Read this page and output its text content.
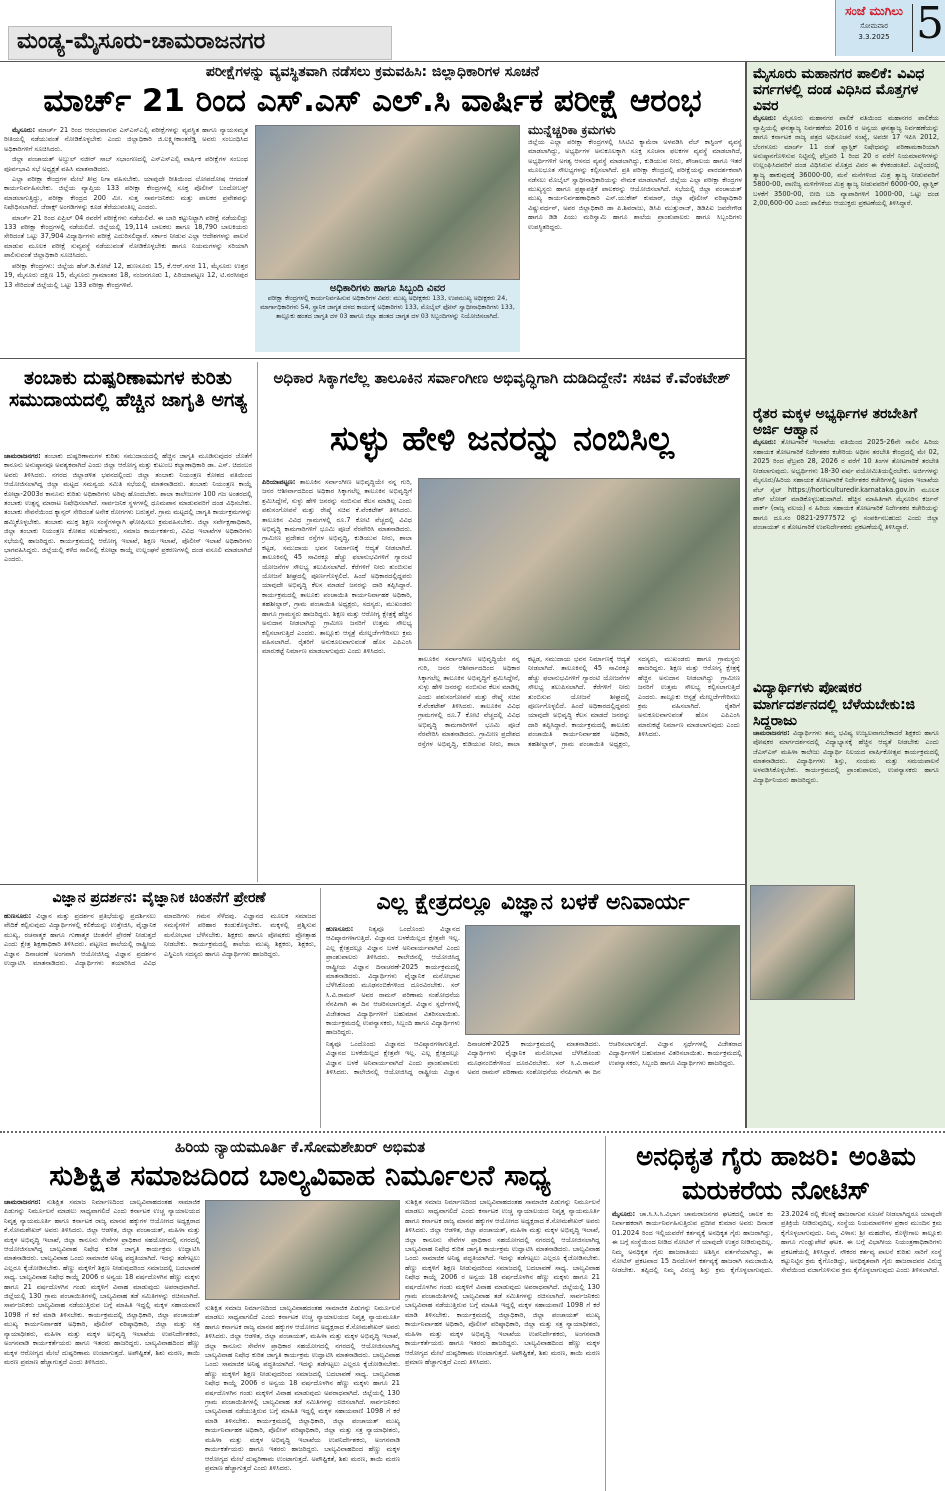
ಮಂಡ್ಯ-ಮೈಸೂರು-ಚಾಮರಾಜನಗರ
ಸಂಜೆ ಮುಗಿಲು
ಸೋಮವಾರ
3.3.2025 5
ಪರೀಕ್ಷೆಗಳನ್ನು ವ್ಯವಸ್ಥಿತವಾಗಿ ನಡೆಸಲು ಕ್ರಮವಹಿಸಿ: ಜಿಲ್ಲಾಧಿಕಾರಿಗಳ ಸೂಚನೆ
ಮಾರ್ಚ್ 21 ರಿಂದ ಎಸ್.ಎಸ್ ಎಲ್.ಸಿ ವಾರ್ಷಿಕ ಪರೀಕ್ಷೆ ಆರಂಭ

ಮೈಸೂರು: ಮಾರ್ಚ್ 21 ರಿಂದ ಆರಂಭವಾಗುವ ಎಸ್ಎಸ್ಎಲ್ಸಿ ಪರೀಕ್ಷೆಗಳನ್ನು ವ್ಯವಸ್ಥಿತ ಹಾಗೂ ನ್ಯಾಯಸಮ್ಮತ ರೀತಿಯಲ್ಲಿ ನಡೆಯುವಂತೆ ನೋಡಿಕೊಳ್ಳಬೇಕು ಎಂದು ಜಿಲ್ಲಾಧಿಕಾರಿ ಜಿ.ಲಕ್ಷ್ಮೀಕಾಂತರೆಡ್ಡಿ ಅವರು ಸಂಬಂಧಿಸಿದ ಅಧಿಕಾರಿಗಳಿಗೆ ಸೂಚಿಸಿದರು.

ಜಿಲ್ಲಾ ಪಂಚಾಯತ್ ಅಬ್ದುಲ್ ನಜೀರ್ ಸಾಬ್ ಸಭಾಂಗಣದಲ್ಲಿ ಎಸ್ಎಸ್ಎಲ್ಸಿ ವಾರ್ಷಿಕ ಪರೀಕ್ಷೆಗಳ ಸಂಬಂಧ ಪೂರ್ವಭಾವಿ ಸಭೆ ಅಧ್ಯಕ್ಷತೆ ವಹಿಸಿ ಮಾತನಾಡಿದರು.

ಎಲ್ಲಾ ಪರೀಕ್ಷಾ ಕೇಂದ್ರಗಳ ಮೇಲೆ ತೀವ್ರ ನಿಗಾ ವಹಿಸಬೇಕು. ಯಾವುದೇ ರೀತಿಯಿಂದ ಲೋಪದೋಷ ಆಗದಂತೆ ಕಾರ್ಯನಿರ್ವಹಿಸಬೇಕು. ಜಿಲ್ಲೆಯ ವ್ಯಾಪ್ತಿಯ 133 ಪರೀಕ್ಷಾ ಕೇಂದ್ರಗಳಲ್ಲಿ ಸೂಕ್ತ ಪೊಲೀಸ್ ಬಂದೋಬಸ್ತ್ ಮಾಡಲಾಗುತ್ತಿದ್ದು, ಪರೀಕ್ಷಾ ಕೇಂದ್ರದ 200 ಮೀ. ಸುತ್ತ ಸಾರ್ವಜನಿಕರು ಮತ್ತು ಪಾಲಕರ ಪ್ರವೇಶವನ್ನು ನಿಷೇಧಿಸಲಾಗಿದೆ. ಜೆರಾಕ್ಸ್ ಅಂಗಡಿಗಳನ್ನು ಕೂಡ ತೆರೆಯುವಂತಿಲ್ಲ ಎಂದರು.

ಮಾರ್ಚ್ 21 ರಿಂದ ಏಪ್ರಿಲ್ 04 ರವರೆಗೆ ಪರೀಕ್ಷೆಗಳು ನಡೆಯಲಿವೆ. ಈ ಬಾರಿ ಕಟ್ಟುನಿಟ್ಟಾಗಿ ಪರೀಕ್ಷೆ ನಡೆಯಲಿದ್ದು 133 ಪರೀಕ್ಷಾ ಕೇಂದ್ರಗಳಲ್ಲಿ ನಡೆಯಲಿದೆ. ಜಿಲ್ಲೆಯಲ್ಲಿ 19,114 ಬಾಲಕರು ಹಾಗೂ 18,790 ಬಾಲಕಿಯರು ಸೇರಿದಂತೆ ಒಟ್ಟು 37,904 ವಿದ್ಯಾರ್ಥಿಗಳು ಪರೀಕ್ಷೆ ಎದುರಿಸಲಿದ್ದಾರೆ. ಸರ್ಕಾರ ನೀಡುವ ಎಲ್ಲಾ ಆದೇಶಗಳನ್ನು ಪಾಲನೆ ಮಾಡುವ ಮೂಲಕ ಪರೀಕ್ಷೆ ಸುವ್ಯವಸ್ಥೆ ನಡೆಯುವಂತೆ ನೋಡಿಕೊಳ್ಳಬೇಕು ಹಾಗೂ ನಿಯಮಗಳನ್ನು ಸರಿಯಾಗಿ ಪಾಲಿಸುವಂತೆ ಜಿಲ್ಲಾಧಿಕಾರಿ ಸೂಚಿಸಿದರು.

ಪರೀಕ್ಷಾ ಕೇಂದ್ರಗಳು: ಜಿಲ್ಲೆಯ ಹೆಚ್.ಡಿ.ಕೋಟೆ 12, ಹುಣಸೂರು 15, ಕೆ.ಆರ್.ನಗರ 11, ಮೈಸೂರು ಉತ್ತರ 19, ಮೈಸೂರು ದಕ್ಷಿಣ 15, ಮೈಸೂರು ಗ್ರಾಮಾಂತರ 18, ನಂಜನಗೂಡು 1, ಪಿರಿಯಾಪಟ್ಟಣ 12, ಟಿ.ನರಸೀಪುರ 13 ಸೇರಿದಂತೆ ಜಿಲ್ಲೆಯಲ್ಲಿ ಒಟ್ಟು 133 ಪರೀಕ್ಷಾ ಕೇಂದ್ರಗಳಿವೆ.	ಅಧಿಕಾರಿಗಳು ಹಾಗೂ ಸಿಬ್ಬಂದಿ ವಿವರ
ಪರೀಕ್ಷಾ ಕೇಂದ್ರಗಳಲ್ಲಿ ಕಾರ್ಯನಿರ್ವಹಿಸುವ ಅಧಿಕಾರಿಗಳ ವಿವರ: ಮುಖ್ಯ ಅಧೀಕ್ಷಕರು 133, ಉಪಮುಖ್ಯ ಅಧೀಕ್ಷಕರು 24, ಮಾರ್ಗಾಧಿಕಾರಿಗಳು 54, ಸ್ಥಾನಿಕ ಜಾಗೃತ ದಳದ ಕಾರ್ಯಕ್ಕೆ ಅಧಿಕಾರಿಗಳು 133, ಮೊಬೈಲ್ ಫೋನ್ ಸ್ವಾಧೀನಾಧಿಕಾರಿಗಳು 133, ತಾಲ್ಲೂಕು ಹಂತದ ಜಾಗೃತಿ ದಳ 03 ಹಾಗೂ ಜಿಲ್ಲಾ ಹಂತದ ಜಾಗೃತ ದಳ 03 ಸಿಬ್ಬಂದಿಗಳನ್ನು ನಿಯೋಜಿಸಲಾಗಿದೆ.
ಮುನ್ನೆಚ್ಚರಿಕಾ ಕ್ರಮಗಳು
ಜಿಲ್ಲೆಯ ಎಲ್ಲಾ ಪರೀಕ್ಷಾ ಕೇಂದ್ರಗಳಲ್ಲಿ ಸಿಸಿಟಿವಿ ಕ್ಯಾಮೆರಾ ಅಳವಡಿಸಿ ವೆಬ್ ಕಾಸ್ಟಿಂಗ್ ವ್ಯವಸ್ಥೆ ಮಾಡಲಾಗಿದ್ದು, ಅಭ್ಯರ್ಥಿಗಳ ಅನುಕೂಲಕ್ಕಾಗಿ ಸೂಕ್ತ ಸೂಚನಾ ಫಲಕಗಳ ವ್ಯವಸ್ಥೆ ಮಾಡಲಾಗಿದೆ, ಅಭ್ಯರ್ಥಿಗಳಿಗೆ ಅಗತ್ಯ ಆಸನದ ವ್ಯವಸ್ಥೆ ಮಾಡಲಾಗಿದ್ದು, ಕುಡಿಯುವ ನೀರು, ಶೌಚಾಲಯ ಹಾಗೂ ಇತರೆ ಮೂಲಭೂತ ಸೌಲಭ್ಯಗಳನ್ನು ಕಲ್ಪಿಸಲಾಗಿದೆ. ಪ್ರತಿ ಪರೀಕ್ಷಾ ಕೇಂದ್ರದಲ್ಲಿ ಪರೀಕ್ಷೆಯನ್ನು ಪಾರದರ್ಶಕವಾಗಿ ನಡೆಸಲು ಮೊಬೈಲ್ ಸ್ವಾಧೀನಾಧಿಕಾರಿಯನ್ನು ನೇಮಕ ಮಾಡಲಾಗಿದೆ. ಜಿಲ್ಲೆಯ ಎಲ್ಲಾ ಪರೀಕ್ಷಾ ಕೇಂದ್ರಗಳ ಮುಖ್ಯಸ್ಥರು ಹಾಗೂ ಪ್ರಶ್ನಾಪತ್ರಿಕೆ ಪಾಲಕರನ್ನು ಆಯೋಜಿಸಲಾಗಿದೆ. ಸಭೆಯಲ್ಲಿ ಜಿಲ್ಲಾ ಪಂಚಾಯತ್ ಮುಖ್ಯ ಕಾರ್ಯನಿರ್ವಹಣಾಧಿಕಾರಿ ಎಸ್.ಯುಕೇಶ್ ಕುಮಾರ್, ಜಿಲ್ಲಾ ಪೊಲೀಸ್ ವರಿಷ್ಠಾಧಿಕಾರಿ ವಿಷ್ಣುವರ್ಧನ್, ಅಪರ ಜಿಲ್ಲಾಧಿಕಾರಿ ಡಾ ಪಿ.ಶಿವರಾಜು, ಡಿಸಿಪಿ ಮುತ್ತುರಾಜ್, ಡಿಡಿಪಿಐ ಜವರೇಗೌಡ ಹಾಗೂ ಡಿಡಿ ಪಿಯು ಮರಿಸ್ವಾಮಿ ಹಾಗೂ ಶಾಲೆಯ ಪ್ರಾಂಶುಪಾಲರು ಹಾಗೂ ಸಿಬ್ಬಂದಿಗಳು ಉಪಸ್ಥಿತರಿದ್ದರು.
ಮೈಸೂರು ಮಹಾನಗರ ಪಾಲಿಕೆ: ವಿವಿಧ ವರ್ಗಗಳಲ್ಲಿ ದಂಡ ವಿಧಿಸಿದ ಮೊತ್ತಗಳ ವಿವರ
ಮೈಸೂರು: ಮೈಸೂರು ಮಹಾನಗರ ಪಾಲಿಕೆ ವತಿಯಿಂದ ಮಹಾನಗರ ಪಾಲಿಕೆಯ ವ್ಯಾಪ್ತಿಯಲ್ಲಿ ಘನತ್ಯಾಜ್ಯ ನಿರ್ವಹಣೆಯ 2016 ರ ಅನ್ವಯ ಘನತ್ಯಾಜ್ಯ ನಿರ್ವಹಣೆಯನ್ನು ಹಾಗೂ ಕರ್ನಾಟಕ ರಾಜ್ಯ ಪತ್ರದ ಅಧಿಸೂಚನೆ ಸಂಖ್ಯೆ, ಅಪಜೀ 17 ಇಪಿಸಿ 2012, ಬೆಂಗಳೂರು ಮಾರ್ಚ್ 11 ರಂತೆ ಪ್ಲಾಸ್ಟಿಕ್ ನಿಷೇಧವನ್ನು ಪರಿಣಾಮಕಾರಿಯಾಗಿ ಅನುಷ್ಠಾನಗೊಳಿಸುವ ನಿಟ್ಟಿನಲ್ಲಿ ಫೆಬ್ರವರಿ 1 ರಿಂದ 20 ರ ವರೆಗೆ ನಿಯಮಾವಳಿಗಳನ್ನು ಉಲ್ಲಂಘಿಸಿದವರಿಗೆ ದಂಡ ವಿಧಿಸಿರುವ ಮೊತ್ತದ ವಿವರ ಈ ಕೆಳಕಂಡಂತಿದೆ. ಎಲ್ಲೆಂದರಲ್ಲಿ ತ್ಯಾಜ್ಯ ಹಾಕುವುದಕ್ಕೆ 36000-00, ಮನೆ ಮನೆಗಳಿಂದ ಮಿಶ್ರ ತ್ಯಾಜ್ಯ ನೀಡುವವರಿಗೆ 5800-00, ವಾಣಿಜ್ಯ ಮಳಿಗೆಗಳಿಂದ ಮಿಶ್ರ ತ್ಯಾಜ್ಯ ನೀಡುವವರಿಗೆ 6000-00, ಪ್ಲಾಸ್ಟಿಕ್ ಬಳಕೆಗೆ 3500-00, ಬೀದಿ ಬದಿ ವ್ಯಾಪಾರಿಗಳಿಗೆ 1000-00, ಒಟ್ಟು ದಂಡ 2,00,600-00 ಎಂದು ಪಾಲಿಕೆಯ ಆಯುಕ್ತರು ಪ್ರಕಟಣೆಯಲ್ಲಿ ತಿಳಿಸಿದ್ದಾರೆ.
ರೈತರ ಮಕ್ಕಳ ಅಭ್ಯರ್ಥಿಗಳ ತರಬೇತಿಗೆ ಅರ್ಜಿ ಆಹ್ವಾನ
ಮೈಸೂರು: ತೋಟಗಾರಿಕೆ ಇಲಾಖೆಯ ವತಿಯಿಂದ 2025-26ನೇ ಸಾಲಿನ ಹಿರಿಯ ಸಹಾಯಕ ತೋಟಗಾರಿಕೆ ನಿರ್ದೇಶಕರ ಕಚೇರಿಯ ಅಧೀನ ತರಬೇತಿ ಕೇಂದ್ರದಲ್ಲಿ ಮೇ 02, 2025 ರಿಂದ ಫೆಬ್ರವರಿ 28, 2026 ರ ವರೆಗೆ 10 ತಿಂಗಳ ತೋಟಗಾರಿಕೆ ತರಬೇತಿ ನೀಡಲಾಗುವುದು. ಅಭ್ಯರ್ಥಿಗಳು 18-30 ವರ್ಷ ವಯೋಮಿತಿಯಲ್ಲಿರಬೇಕು. ಅರ್ಜಿಗಳನ್ನು ಮೈಸೂರು/ಹಿರಿಯ ಸಹಾಯಕ ತೋಟಗಾರಿಕೆ ನಿರ್ದೇಶಕರ ಕಚೇರಿಗಳಲ್ಲಿ ಅಥವಾ ಇಲಾಖೆಯ ವೆಬ್ ಸೈಟ್ https://horticulturedir.karnataka.gov.in ಮೂಲಕ ಡೌನ್ ಲೋಡ್ ಮಾಡಿಕೊಳ್ಳಬಹುದಾಗಿದೆ. ಹೆಚ್ಚಿನ ಮಾಹಿತಿಗಾಗಿ ಮೈಸೂರಿನ ಕರ್ಜನ್ ಪಾರ್ಕ್ (ರಾಜ್ಯ ವಲಯ) ನ ಹಿರಿಯ ಸಹಾಯಕ ತೋಟಗಾರಿಕೆ ನಿರ್ದೇಶಕರ ಕಚೇರಿಯನ್ನು ಹಾಗೂ ದೂ.ಸಂ 0821-2977572 ನ್ನು ಸಂಪರ್ಕಿಸಬಹುದು ಎಂದು ಜಿಲ್ಲಾ ಪಂಚಾಯತ್ ನ ತೋಟಗಾರಿಕೆ ಉಪನಿರ್ದೇಶಕರು ಪ್ರಕಟಣೆಯಲ್ಲಿ ತಿಳಿಸಿದ್ದಾರೆ.
ವಿದ್ಯಾರ್ಥಿಗಳು ಪೋಷಕರ ಮಾರ್ಗದರ್ಶನದಲ್ಲಿ ಬೆಳೆಯಬೇಕು:ಜಿ ಸಿದ್ದರಾಜು
ಚಾಮರಾಜನಗರ: ವಿದ್ಯಾರ್ಥಿಗಳು ತಮ್ಮ ಭವಿಷ್ಯ ಉಜ್ವಲವಾಗಬೇಕಾದರೆ ಶಿಕ್ಷಕರು ಹಾಗೂ ಪೋಷಕರ ಮಾರ್ಗದರ್ಶನದಲ್ಲಿ ವಿದ್ಯಾಭ್ಯಾಸಕ್ಕೆ ಹೆಚ್ಚಿನ ಆದ್ಯತೆ ನೀಡಬೇಕು ಎಂದು ಜೆಎಸ್ಎಸ್ ಮಹಿಳಾ ಕಾಲೇಜು ವಿದ್ಯಾರ್ಥಿ ನಿಲಯದ ವಾರ್ಷಿಕೋತ್ಸವ ಕಾರ್ಯಕ್ರಮದಲ್ಲಿ ಮಾತನಾಡಿದರು. ವಿದ್ಯಾರ್ಥಿಗಳು ಶಿಸ್ತು, ಸಂಯಮ ಮತ್ತು ಸಮಯಪಾಲನೆ ಅಳವಡಿಸಿಕೊಳ್ಳಬೇಕು. ಕಾರ್ಯಕ್ರಮದಲ್ಲಿ ಪ್ರಾಂಶುಪಾಲರು, ಉಪನ್ಯಾಸಕರು ಹಾಗೂ ವಿದ್ಯಾರ್ಥಿನಿಯರು ಹಾಜರಿದ್ದರು.
ತಂಬಾಕು ದುಷ್ಪರಿಣಾಮಗಳ ಕುರಿತು ಸಮುದಾಯದಲ್ಲಿ ಹೆಚ್ಚಿನ ಜಾಗೃತಿ ಅಗತ್ಯ
ಚಾಮರಾಜನಗರ: ತಂಬಾಕು ದುಷ್ಪರಿಣಾಮಗಳ ಕುರಿತು ಸಮುದಾಯದಲ್ಲಿ ಹೆಚ್ಚಿನ ಜಾಗೃತಿ ಮೂಡಿಸುವುದರ ಜೊತೆಗೆ ಕಾನೂನು ಅನುಷ್ಠಾನವೂ ಅವಶ್ಯಕವಾಗಿದೆ ಎಂದು ಜಿಲ್ಲಾ ಆರೋಗ್ಯ ಮತ್ತು ಕುಟುಂಬ ಕಲ್ಯಾಣಾಧಿಕಾರಿ ಡಾ. ಎಸ್. ಚಿದಂಬರ ಅವರು ತಿಳಿಸಿದರು. ನಗರದ ಜಿಲ್ಲಾಡಳಿತ ಭವನದಲ್ಲಿಂದು ಜಿಲ್ಲಾ ತಂಬಾಕು ನಿಯಂತ್ರಣ ಕೋಶದ ವತಿಯಿಂದ ಆಯೋಜಿಸಲಾಗಿದ್ದ ಜಿಲ್ಲಾ ಮಟ್ಟದ ಸಮನ್ವಯ ಸಮಿತಿ ಸಭೆಯಲ್ಲಿ ಮಾತನಾಡಿದರು. ತಂಬಾಕು ನಿಯಂತ್ರಣ ಕಾಯ್ದೆ ಕೋಟ್ಪಾ-2003ರ ಕಾನೂನು ಕುರಿತು ಅಧಿಕಾರಿಗಳು ಅರಿವು ಹೊಂದಬೇಕು. ಶಾಲಾ ಕಾಲೇಜುಗಳ 100 ಗಜ ಅಂತರದಲ್ಲಿ ತಂಬಾಕು ಉತ್ಪನ್ನ ಮಾರಾಟ ನಿಷೇಧಿಸಲಾಗಿದೆ. ಸಾರ್ವಜನಿಕ ಸ್ಥಳಗಳಲ್ಲಿ ಧೂಮಪಾನ ಮಾಡುವವರಿಗೆ ದಂಡ ವಿಧಿಸಬೇಕು. ತಂಬಾಕು ಸೇವನೆಯಿಂದ ಕ್ಯಾನ್ಸರ್ ಸೇರಿದಂತೆ ಅನೇಕ ರೋಗಗಳು ಬರುತ್ತವೆ. ಗ್ರಾಮ ಮಟ್ಟದಲ್ಲಿ ಜಾಗೃತಿ ಕಾರ್ಯಕ್ರಮಗಳನ್ನು ಹಮ್ಮಿಕೊಳ್ಳಬೇಕು. ತಂಬಾಕು ಮುಕ್ತ ಶಿಕ್ಷಣ ಸಂಸ್ಥೆಗಳನ್ನಾಗಿ ಘೋಷಿಸಲು ಕ್ರಮವಹಿಸಬೇಕು. ಜಿಲ್ಲಾ ಸರ್ವೇಕ್ಷಣಾಧಿಕಾರಿ, ಜಿಲ್ಲಾ ತಂಬಾಕು ನಿಯಂತ್ರಣ ಕೋಶದ ಸಲಹೆಗಾರರು, ಸಮಾಜ ಕಾರ್ಯಕರ್ತರು, ವಿವಿಧ ಇಲಾಖೆಗಳ ಅಧಿಕಾರಿಗಳು ಸಭೆಯಲ್ಲಿ ಹಾಜರಿದ್ದರು. ಕಾರ್ಯಕ್ರಮದಲ್ಲಿ ಆರೋಗ್ಯ ಇಲಾಖೆ, ಶಿಕ್ಷಣ ಇಲಾಖೆ, ಪೊಲೀಸ್ ಇಲಾಖೆ ಅಧಿಕಾರಿಗಳು ಭಾಗವಹಿಸಿದ್ದರು. ಜಿಲ್ಲೆಯಲ್ಲಿ ಕಳೆದ ಸಾಲಿನಲ್ಲಿ ಕೋಟ್ಪಾ ಕಾಯ್ದೆ ಉಲ್ಲಂಘನೆ ಪ್ರಕರಣಗಳಲ್ಲಿ ದಂಡ ವಸೂಲಿ ಮಾಡಲಾಗಿದೆ ಎಂದರು.
ಅಧಿಕಾರ ಸಿಕ್ಕಾಗಲೆಲ್ಲ ತಾಲೂಕಿನ ಸರ್ವಾಂಗೀಣ ಅಭಿವೃದ್ಧಿಗಾಗಿ ದುಡಿದಿದ್ದೇನೆ: ಸಚಿವ ಕೆ.ವೆಂಕಟೇಶ್
ಸುಳ್ಳು ಹೇಳಿ ಜನರನ್ನು ನಂಬಿಸಿಲ್ಲ
ಪಿರಿಯಾಪಟ್ಟಣ: ತಾಲೂಕಿನ ಸರ್ವಾಂಗೀಣ ಅಭಿವೃದ್ಧಿಯೇ ನನ್ನ ಗುರಿ, ಜನರ ಆಶೀರ್ವಾದದಿಂದ ಅಧಿಕಾರ ಸಿಕ್ಕಾಗಲೆಲ್ಲ ತಾಲೂಕಿನ ಅಭಿವೃದ್ಧಿಗೆ ಶ್ರಮಿಸಿದ್ದೇನೆ, ಸುಳ್ಳು ಹೇಳಿ ಜನರನ್ನು ನಂಬಿಸುವ ಕೆಲಸ ಮಾಡಿಲ್ಲ ಎಂದು ಪಶುಸಂಗೋಪನೆ ಮತ್ತು ರೇಷ್ಮೆ ಸಚಿವ ಕೆ.ವೆಂಕಟೇಶ್ ತಿಳಿಸಿದರು. ತಾಲೂಕಿನ ವಿವಿಧ ಗ್ರಾಮಗಳಲ್ಲಿ ರೂ.7 ಕೋಟಿ ವೆಚ್ಚದಲ್ಲಿ ವಿವಿಧ ಅಭಿವೃದ್ಧಿ ಕಾಮಗಾರಿಗಳಿಗೆ ಭೂಮಿ ಪೂಜೆ ನೆರವೇರಿಸಿ ಮಾತನಾಡಿದರು. ಗ್ರಾಮೀಣ ಪ್ರದೇಶದ ರಸ್ತೆಗಳ ಅಭಿವೃದ್ಧಿ, ಕುಡಿಯುವ ನೀರು, ಶಾಲಾ ಕಟ್ಟಡ, ಸಮುದಾಯ ಭವನ ನಿರ್ಮಾಣಕ್ಕೆ ಆದ್ಯತೆ ನೀಡಲಾಗಿದೆ. ತಾಲೂಕಿನಲ್ಲಿ 45 ಸಾವಿರಕ್ಕೂ ಹೆಚ್ಚು ಫಲಾನುಭವಿಗಳಿಗೆ ಗ್ಯಾರಂಟಿ ಯೋಜನೆಗಳ ಸೌಲಭ್ಯ ತಲುಪಿಸಲಾಗಿದೆ. ಕೆರೆಗಳಿಗೆ ನೀರು ತುಂಬಿಸುವ ಯೋಜನೆ ಶೀಘ್ರದಲ್ಲಿ ಪೂರ್ಣಗೊಳ್ಳಲಿದೆ. ಹಿಂದೆ ಅಧಿಕಾರದಲ್ಲಿದ್ದವರು ಯಾವುದೇ ಅಭಿವೃದ್ಧಿ ಕೆಲಸ ಮಾಡದೆ ಜನರನ್ನು ದಾರಿ ತಪ್ಪಿಸಿದ್ದಾರೆ. ಕಾರ್ಯಕ್ರಮದಲ್ಲಿ ತಾಲೂಕು ಪಂಚಾಯಿತಿ ಕಾರ್ಯನಿರ್ವಾಹಕ ಅಧಿಕಾರಿ, ತಹಶೀಲ್ದಾರ್, ಗ್ರಾಮ ಪಂಚಾಯಿತಿ ಅಧ್ಯಕ್ಷರು, ಸದಸ್ಯರು, ಮುಖಂಡರು ಹಾಗೂ ಗ್ರಾಮಸ್ಥರು ಹಾಜರಿದ್ದರು. ಶಿಕ್ಷಣ ಮತ್ತು ಆರೋಗ್ಯ ಕ್ಷೇತ್ರಕ್ಕೆ ಹೆಚ್ಚಿನ ಅನುದಾನ ನೀಡಲಾಗಿದ್ದು ಗ್ರಾಮೀಣ ಜನರಿಗೆ ಉತ್ತಮ ಸೌಲಭ್ಯ ಕಲ್ಪಿಸಲಾಗುತ್ತಿದೆ ಎಂದರು. ತಾಲ್ಲೂಕು ಆಸ್ಪತ್ರೆ ಮೇಲ್ದರ್ಜೆಗೇರಿಸಲು ಕ್ರಮ ವಹಿಸಲಾಗಿದೆ. ರೈತರಿಗೆ ಅನುಕೂಲವಾಗುವಂತೆ ಹೊಸ ಎಪಿಎಂಸಿ ಮಾರುಕಟ್ಟೆ ನಿರ್ಮಾಣ ಮಾಡಲಾಗುವುದು ಎಂದು ತಿಳಿಸಿದರು.
ತಾಲೂಕಿನ ಸರ್ವಾಂಗೀಣ ಅಭಿವೃದ್ಧಿಯೇ ನನ್ನ ಗುರಿ, ಜನರ ಆಶೀರ್ವಾದದಿಂದ ಅಧಿಕಾರ ಸಿಕ್ಕಾಗಲೆಲ್ಲ ತಾಲೂಕಿನ ಅಭಿವೃದ್ಧಿಗೆ ಶ್ರಮಿಸಿದ್ದೇನೆ, ಸುಳ್ಳು ಹೇಳಿ ಜನರನ್ನು ನಂಬಿಸುವ ಕೆಲಸ ಮಾಡಿಲ್ಲ ಎಂದು ಪಶುಸಂಗೋಪನೆ ಮತ್ತು ರೇಷ್ಮೆ ಸಚಿವ ಕೆ.ವೆಂಕಟೇಶ್ ತಿಳಿಸಿದರು. ತಾಲೂಕಿನ ವಿವಿಧ ಗ್ರಾಮಗಳಲ್ಲಿ ರೂ.7 ಕೋಟಿ ವೆಚ್ಚದಲ್ಲಿ ವಿವಿಧ ಅಭಿವೃದ್ಧಿ ಕಾಮಗಾರಿಗಳಿಗೆ ಭೂಮಿ ಪೂಜೆ ನೆರವೇರಿಸಿ ಮಾತನಾಡಿದರು. ಗ್ರಾಮೀಣ ಪ್ರದೇಶದ ರಸ್ತೆಗಳ ಅಭಿವೃದ್ಧಿ, ಕುಡಿಯುವ ನೀರು, ಶಾಲಾ ಕಟ್ಟಡ, ಸಮುದಾಯ ಭವನ ನಿರ್ಮಾಣಕ್ಕೆ ಆದ್ಯತೆ ನೀಡಲಾಗಿದೆ. ತಾಲೂಕಿನಲ್ಲಿ 45 ಸಾವಿರಕ್ಕೂ ಹೆಚ್ಚು ಫಲಾನುಭವಿಗಳಿಗೆ ಗ್ಯಾರಂಟಿ ಯೋಜನೆಗಳ ಸೌಲಭ್ಯ ತಲುಪಿಸಲಾಗಿದೆ. ಕೆರೆಗಳಿಗೆ ನೀರು ತುಂಬಿಸುವ ಯೋಜನೆ ಶೀಘ್ರದಲ್ಲಿ ಪೂರ್ಣಗೊಳ್ಳಲಿದೆ. ಹಿಂದೆ ಅಧಿಕಾರದಲ್ಲಿದ್ದವರು ಯಾವುದೇ ಅಭಿವೃದ್ಧಿ ಕೆಲಸ ಮಾಡದೆ ಜನರನ್ನು ದಾರಿ ತಪ್ಪಿಸಿದ್ದಾರೆ. ಕಾರ್ಯಕ್ರಮದಲ್ಲಿ ತಾಲೂಕು ಪಂಚಾಯಿತಿ ಕಾರ್ಯನಿರ್ವಾಹಕ ಅಧಿಕಾರಿ, ತಹಶೀಲ್ದಾರ್, ಗ್ರಾಮ ಪಂಚಾಯಿತಿ ಅಧ್ಯಕ್ಷರು, ಸದಸ್ಯರು, ಮುಖಂಡರು ಹಾಗೂ ಗ್ರಾಮಸ್ಥರು ಹಾಜರಿದ್ದರು. ಶಿಕ್ಷಣ ಮತ್ತು ಆರೋಗ್ಯ ಕ್ಷೇತ್ರಕ್ಕೆ ಹೆಚ್ಚಿನ ಅನುದಾನ ನೀಡಲಾಗಿದ್ದು ಗ್ರಾಮೀಣ ಜನರಿಗೆ ಉತ್ತಮ ಸೌಲಭ್ಯ ಕಲ್ಪಿಸಲಾಗುತ್ತಿದೆ ಎಂದರು. ತಾಲ್ಲೂಕು ಆಸ್ಪತ್ರೆ ಮೇಲ್ದರ್ಜೆಗೇರಿಸಲು ಕ್ರಮ ವಹಿಸಲಾಗಿದೆ. ರೈತರಿಗೆ ಅನುಕೂಲವಾಗುವಂತೆ ಹೊಸ ಎಪಿಎಂಸಿ ಮಾರುಕಟ್ಟೆ ನಿರ್ಮಾಣ ಮಾಡಲಾಗುವುದು ಎಂದು ತಿಳಿಸಿದರು.
ವಿಜ್ಞಾನ ಪ್ರದರ್ಶನ: ವೈಜ್ಞಾನಿಕ ಚಿಂತನೆಗೆ ಪ್ರೇರಣೆ
ಹುಣಸೂರು: ವಿಜ್ಞಾನ ಮತ್ತು ಪ್ರದರ್ಶನ ಪ್ರತಿಭೆಯನ್ನು ಪ್ರದರ್ಶಿಸಲು ವೇದಿಕೆ ಕಲ್ಪಿಸುವುದು ವಿದ್ಯಾರ್ಥಿಗಳಲ್ಲಿ ಕಲಿಕೆಯನ್ನು ಉತ್ತೇಜಿಸಿ, ವೈಜ್ಞಾನಿಕ ಮುಖ್ಯ, ರಚನಾತ್ಮಕ ಹಾಗೂ ಗುಣಾತ್ಮಕ ಚಿಂತನೆಗೆ ಪ್ರೇರಣೆ ನೀಡುತ್ತದೆ ಎಂದು ಕ್ಷೇತ್ರ ಶಿಕ್ಷಣಾಧಿಕಾರಿ ತಿಳಿಸಿದರು. ಪಟ್ಟಣದ ಶಾಲೆಯಲ್ಲಿ ರಾಷ್ಟ್ರೀಯ ವಿಜ್ಞಾನ ದಿನಾಚರಣೆ ಅಂಗವಾಗಿ ಆಯೋಜಿಸಿದ್ದ ವಿಜ್ಞಾನ ಪ್ರದರ್ಶನ ಉದ್ಘಾಟಿಸಿ ಮಾತನಾಡಿದರು. ವಿದ್ಯಾರ್ಥಿಗಳು ತಯಾರಿಸಿದ ವಿವಿಧ ಮಾದರಿಗಳು ಗಮನ ಸೆಳೆದವು. ವಿಜ್ಞಾನದ ಮೂಲಕ ಸಮಾಜದ ಸಮಸ್ಯೆಗಳಿಗೆ ಪರಿಹಾರ ಕಂಡುಕೊಳ್ಳಬೇಕು. ಮಕ್ಕಳಲ್ಲಿ ಪ್ರಶ್ನಿಸುವ ಮನೋಭಾವ ಬೆಳೆಸಬೇಕು. ಶಿಕ್ಷಕರು ಹಾಗೂ ಪೋಷಕರು ಪ್ರೋತ್ಸಾಹ ನೀಡಬೇಕು. ಕಾರ್ಯಕ್ರಮದಲ್ಲಿ ಶಾಲೆಯ ಮುಖ್ಯ ಶಿಕ್ಷಕರು, ಶಿಕ್ಷಕರು, ಎಸ್ಡಿಎಂಸಿ ಸದಸ್ಯರು ಹಾಗೂ ವಿದ್ಯಾರ್ಥಿಗಳು ಹಾಜರಿದ್ದರು.
ಎಲ್ಲ ಕ್ಷೇತ್ರದಲ್ಲೂ ವಿಜ್ಞಾನ ಬಳಕೆ ಅನಿವಾರ್ಯ
ಹುಣಸೂರು: ನಿತ್ಯವೂ ಒಂದೊಂದು ವಿಜ್ಞಾನದ ಆವಿಷ್ಕಾರಗಳಾಗುತ್ತಿದೆ. ವಿಜ್ಞಾನದ ಬಳಕೆಯಿಲ್ಲದ ಕ್ಷೇತ್ರವೇ ಇಲ್ಲ. ಎಲ್ಲ ಕ್ಷೇತ್ರದಲ್ಲೂ ವಿಜ್ಞಾನ ಬಳಕೆ ಅನಿವಾರ್ಯವಾಗಿದೆ ಎಂದು ಪ್ರಾಂಶುಪಾಲರು ತಿಳಿಸಿದರು. ಕಾಲೇಜಿನಲ್ಲಿ ಆಯೋಜಿಸಿದ್ದ ರಾಷ್ಟ್ರೀಯ ವಿಜ್ಞಾನ ದಿನಾಚರಣೆ-2025 ಕಾರ್ಯಕ್ರಮದಲ್ಲಿ ಮಾತನಾಡಿದರು. ವಿದ್ಯಾರ್ಥಿಗಳು ವೈಜ್ಞಾನಿಕ ಮನೋಭಾವ ಬೆಳೆಸಿಕೊಂಡು ಮೂಢನಂಬಿಕೆಗಳಿಂದ ದೂರವಿರಬೇಕು. ಸರ್ ಸಿ.ವಿ.ರಾಮನ್ ಅವರ ರಾಮನ್ ಪರಿಣಾಮ ಸಂಶೋಧನೆಯ ನೆನಪಿಗಾಗಿ ಈ ದಿನ ಆಚರಿಸಲಾಗುತ್ತದೆ. ವಿಜ್ಞಾನ ಸ್ಪರ್ಧೆಗಳಲ್ಲಿ ವಿಜೇತರಾದ ವಿದ್ಯಾರ್ಥಿಗಳಿಗೆ ಬಹುಮಾನ ವಿತರಿಸಲಾಯಿತು. ಕಾರ್ಯಕ್ರಮದಲ್ಲಿ ಉಪನ್ಯಾಸಕರು, ಸಿಬ್ಬಂದಿ ಹಾಗೂ ವಿದ್ಯಾರ್ಥಿಗಳು ಹಾಜರಿದ್ದರು.
ನಿತ್ಯವೂ ಒಂದೊಂದು ವಿಜ್ಞಾನದ ಆವಿಷ್ಕಾರಗಳಾಗುತ್ತಿದೆ. ವಿಜ್ಞಾನದ ಬಳಕೆಯಿಲ್ಲದ ಕ್ಷೇತ್ರವೇ ಇಲ್ಲ. ಎಲ್ಲ ಕ್ಷೇತ್ರದಲ್ಲೂ ವಿಜ್ಞಾನ ಬಳಕೆ ಅನಿವಾರ್ಯವಾಗಿದೆ ಎಂದು ಪ್ರಾಂಶುಪಾಲರು ತಿಳಿಸಿದರು. ಕಾಲೇಜಿನಲ್ಲಿ ಆಯೋಜಿಸಿದ್ದ ರಾಷ್ಟ್ರೀಯ ವಿಜ್ಞಾನ ದಿನಾಚರಣೆ-2025 ಕಾರ್ಯಕ್ರಮದಲ್ಲಿ ಮಾತನಾಡಿದರು. ವಿದ್ಯಾರ್ಥಿಗಳು ವೈಜ್ಞಾನಿಕ ಮನೋಭಾವ ಬೆಳೆಸಿಕೊಂಡು ಮೂಢನಂಬಿಕೆಗಳಿಂದ ದೂರವಿರಬೇಕು. ಸರ್ ಸಿ.ವಿ.ರಾಮನ್ ಅವರ ರಾಮನ್ ಪರಿಣಾಮ ಸಂಶೋಧನೆಯ ನೆನಪಿಗಾಗಿ ಈ ದಿನ ಆಚರಿಸಲಾಗುತ್ತದೆ. ವಿಜ್ಞಾನ ಸ್ಪರ್ಧೆಗಳಲ್ಲಿ ವಿಜೇತರಾದ ವಿದ್ಯಾರ್ಥಿಗಳಿಗೆ ಬಹುಮಾನ ವಿತರಿಸಲಾಯಿತು. ಕಾರ್ಯಕ್ರಮದಲ್ಲಿ ಉಪನ್ಯಾಸಕರು, ಸಿಬ್ಬಂದಿ ಹಾಗೂ ವಿದ್ಯಾರ್ಥಿಗಳು ಹಾಜರಿದ್ದರು.
ಹಿರಿಯ ನ್ಯಾಯಮೂರ್ತಿ ಕೆ.ಸೋಮಶೇಖರ್ ಅಭಿಮತ
ಸುಶಿಕ್ಷಿತ ಸಮಾಜದಿಂದ ಬಾಲ್ಯವಿವಾಹ ನಿರ್ಮೂಲನೆ ಸಾಧ್ಯ
ಚಾಮರಾಜನಗರ: ಸುಶಿಕ್ಷಿತ ಸಮಾಜ ನಿರ್ಮಾಣದಿಂದ ಬಾಲ್ಯವಿವಾಹದಂತಹ ಸಾಮಾಜಿಕ ಪಿಡುಗನ್ನು ನಿರ್ಮೂಲನೆ ಮಾಡಲು ಸಾಧ್ಯವಾಗಲಿದೆ ಎಂದು ಕರ್ನಾಟಕ ಉಚ್ಚ ನ್ಯಾಯಾಲಯದ ನಿವೃತ್ತ ನ್ಯಾಯಮೂರ್ತಿ ಹಾಗೂ ಕರ್ನಾಟಕ ರಾಜ್ಯ ಮಾನವ ಹಕ್ಕುಗಳ ಆಯೋಗದ ಅಧ್ಯಕ್ಷರಾದ ಕೆ.ಸೋಮಶೇಖರ್ ಅವರು ತಿಳಿಸಿದರು. ಜಿಲ್ಲಾ ಆಡಳಿತ, ಜಿಲ್ಲಾ ಪಂಚಾಯತ್, ಮಹಿಳಾ ಮತ್ತು ಮಕ್ಕಳ ಅಭಿವೃದ್ಧಿ ಇಲಾಖೆ, ಜಿಲ್ಲಾ ಕಾನೂನು ಸೇವೆಗಳ ಪ್ರಾಧಿಕಾರ ಸಹಯೋಗದಲ್ಲಿ ನಗರದಲ್ಲಿ ಆಯೋಜಿಸಲಾಗಿದ್ದ ಬಾಲ್ಯವಿವಾಹ ನಿಷೇಧ ಕುರಿತ ಜಾಗೃತಿ ಕಾರ್ಯಕ್ರಮ ಉದ್ಘಾಟಿಸಿ ಮಾತನಾಡಿದರು. ಬಾಲ್ಯವಿವಾಹ ಒಂದು ಸಾಮಾಜಿಕ ಅನಿಷ್ಟ ಪದ್ಧತಿಯಾಗಿದೆ. ಇದನ್ನು ತಡೆಗಟ್ಟಲು ಎಲ್ಲರೂ ಕೈಜೋಡಿಸಬೇಕು. ಹೆಣ್ಣು ಮಕ್ಕಳಿಗೆ ಶಿಕ್ಷಣ ನೀಡುವುದರಿಂದ ಸಮಾಜದಲ್ಲಿ ಬದಲಾವಣೆ ಸಾಧ್ಯ. ಬಾಲ್ಯವಿವಾಹ ನಿಷೇಧ ಕಾಯ್ದೆ 2006 ರ ಅನ್ವಯ 18 ವರ್ಷದೊಳಗಿನ ಹೆಣ್ಣು ಮಕ್ಕಳು ಹಾಗೂ 21 ವರ್ಷದೊಳಗಿನ ಗಂಡು ಮಕ್ಕಳಿಗೆ ವಿವಾಹ ಮಾಡುವುದು ಅಪರಾಧವಾಗಿದೆ. ಜಿಲ್ಲೆಯಲ್ಲಿ 130 ಗ್ರಾಮ ಪಂಚಾಯಿತಿಗಳಲ್ಲಿ ಬಾಲ್ಯವಿವಾಹ ತಡೆ ಸಮಿತಿಗಳನ್ನು ರಚಿಸಲಾಗಿದೆ. ಸಾರ್ವಜನಿಕರು ಬಾಲ್ಯವಿವಾಹ ನಡೆಯುತ್ತಿರುವ ಬಗ್ಗೆ ಮಾಹಿತಿ ಇದ್ದಲ್ಲಿ ಮಕ್ಕಳ ಸಹಾಯವಾಣಿ 1098 ಗೆ ಕರೆ ಮಾಡಿ ತಿಳಿಸಬೇಕು. ಕಾರ್ಯಕ್ರಮದಲ್ಲಿ ಜಿಲ್ಲಾಧಿಕಾರಿ, ಜಿಲ್ಲಾ ಪಂಚಾಯತ್ ಮುಖ್ಯ ಕಾರ್ಯನಿರ್ವಾಹಕ ಅಧಿಕಾರಿ, ಪೊಲೀಸ್ ವರಿಷ್ಠಾಧಿಕಾರಿ, ಜಿಲ್ಲಾ ಮತ್ತು ಸತ್ರ ನ್ಯಾಯಾಧೀಶರು, ಮಹಿಳಾ ಮತ್ತು ಮಕ್ಕಳ ಅಭಿವೃದ್ಧಿ ಇಲಾಖೆಯ ಉಪನಿರ್ದೇಶಕರು, ಅಂಗನವಾಡಿ ಕಾರ್ಯಕರ್ತೆಯರು ಹಾಗೂ ಇತರರು ಹಾಜರಿದ್ದರು. ಬಾಲ್ಯವಿವಾಹದಿಂದ ಹೆಣ್ಣು ಮಕ್ಕಳ ಆರೋಗ್ಯದ ಮೇಲೆ ದುಷ್ಪರಿಣಾಮ ಉಂಟಾಗುತ್ತದೆ. ಅಪೌಷ್ಟಿಕತೆ, ಶಿಶು ಮರಣ, ತಾಯಿ ಮರಣ ಪ್ರಮಾಣ ಹೆಚ್ಚಾಗುತ್ತದೆ ಎಂದು ತಿಳಿಸಿದರು.
ಸುಶಿಕ್ಷಿತ ಸಮಾಜ ನಿರ್ಮಾಣದಿಂದ ಬಾಲ್ಯವಿವಾಹದಂತಹ ಸಾಮಾಜಿಕ ಪಿಡುಗನ್ನು ನಿರ್ಮೂಲನೆ ಮಾಡಲು ಸಾಧ್ಯವಾಗಲಿದೆ ಎಂದು ಕರ್ನಾಟಕ ಉಚ್ಚ ನ್ಯಾಯಾಲಯದ ನಿವೃತ್ತ ನ್ಯಾಯಮೂರ್ತಿ ಹಾಗೂ ಕರ್ನಾಟಕ ರಾಜ್ಯ ಮಾನವ ಹಕ್ಕುಗಳ ಆಯೋಗದ ಅಧ್ಯಕ್ಷರಾದ ಕೆ.ಸೋಮಶೇಖರ್ ಅವರು ತಿಳಿಸಿದರು. ಜಿಲ್ಲಾ ಆಡಳಿತ, ಜಿಲ್ಲಾ ಪಂಚಾಯತ್, ಮಹಿಳಾ ಮತ್ತು ಮಕ್ಕಳ ಅಭಿವೃದ್ಧಿ ಇಲಾಖೆ, ಜಿಲ್ಲಾ ಕಾನೂನು ಸೇವೆಗಳ ಪ್ರಾಧಿಕಾರ ಸಹಯೋಗದಲ್ಲಿ ನಗರದಲ್ಲಿ ಆಯೋಜಿಸಲಾಗಿದ್ದ ಬಾಲ್ಯವಿವಾಹ ನಿಷೇಧ ಕುರಿತ ಜಾಗೃತಿ ಕಾರ್ಯಕ್ರಮ ಉದ್ಘಾಟಿಸಿ ಮಾತನಾಡಿದರು. ಬಾಲ್ಯವಿವಾಹ ಒಂದು ಸಾಮಾಜಿಕ ಅನಿಷ್ಟ ಪದ್ಧತಿಯಾಗಿದೆ. ಇದನ್ನು ತಡೆಗಟ್ಟಲು ಎಲ್ಲರೂ ಕೈಜೋಡಿಸಬೇಕು. ಹೆಣ್ಣು ಮಕ್ಕಳಿಗೆ ಶಿಕ್ಷಣ ನೀಡುವುದರಿಂದ ಸಮಾಜದಲ್ಲಿ ಬದಲಾವಣೆ ಸಾಧ್ಯ. ಬಾಲ್ಯವಿವಾಹ ನಿಷೇಧ ಕಾಯ್ದೆ 2006 ರ ಅನ್ವಯ 18 ವರ್ಷದೊಳಗಿನ ಹೆಣ್ಣು ಮಕ್ಕಳು ಹಾಗೂ 21 ವರ್ಷದೊಳಗಿನ ಗಂಡು ಮಕ್ಕಳಿಗೆ ವಿವಾಹ ಮಾಡುವುದು ಅಪರಾಧವಾಗಿದೆ. ಜಿಲ್ಲೆಯಲ್ಲಿ 130 ಗ್ರಾಮ ಪಂಚಾಯಿತಿಗಳಲ್ಲಿ ಬಾಲ್ಯವಿವಾಹ ತಡೆ ಸಮಿತಿಗಳನ್ನು ರಚಿಸಲಾಗಿದೆ. ಸಾರ್ವಜನಿಕರು ಬಾಲ್ಯವಿವಾಹ ನಡೆಯುತ್ತಿರುವ ಬಗ್ಗೆ ಮಾಹಿತಿ ಇದ್ದಲ್ಲಿ ಮಕ್ಕಳ ಸಹಾಯವಾಣಿ 1098 ಗೆ ಕರೆ ಮಾಡಿ ತಿಳಿಸಬೇಕು. ಕಾರ್ಯಕ್ರಮದಲ್ಲಿ ಜಿಲ್ಲಾಧಿಕಾರಿ, ಜಿಲ್ಲಾ ಪಂಚಾಯತ್ ಮುಖ್ಯ ಕಾರ್ಯನಿರ್ವಾಹಕ ಅಧಿಕಾರಿ, ಪೊಲೀಸ್ ವರಿಷ್ಠಾಧಿಕಾರಿ, ಜಿಲ್ಲಾ ಮತ್ತು ಸತ್ರ ನ್ಯಾಯಾಧೀಶರು, ಮಹಿಳಾ ಮತ್ತು ಮಕ್ಕಳ ಅಭಿವೃದ್ಧಿ ಇಲಾಖೆಯ ಉಪನಿರ್ದೇಶಕರು, ಅಂಗನವಾಡಿ ಕಾರ್ಯಕರ್ತೆಯರು ಹಾಗೂ ಇತರರು ಹಾಜರಿದ್ದರು. ಬಾಲ್ಯವಿವಾಹದಿಂದ ಹೆಣ್ಣು ಮಕ್ಕಳ ಆರೋಗ್ಯದ ಮೇಲೆ ದುಷ್ಪರಿಣಾಮ ಉಂಟಾಗುತ್ತದೆ. ಅಪೌಷ್ಟಿಕತೆ, ಶಿಶು ಮರಣ, ತಾಯಿ ಮರಣ ಪ್ರಮಾಣ ಹೆಚ್ಚಾಗುತ್ತದೆ ಎಂದು ತಿಳಿಸಿದರು.
ಸುಶಿಕ್ಷಿತ ಸಮಾಜ ನಿರ್ಮಾಣದಿಂದ ಬಾಲ್ಯವಿವಾಹದಂತಹ ಸಾಮಾಜಿಕ ಪಿಡುಗನ್ನು ನಿರ್ಮೂಲನೆ ಮಾಡಲು ಸಾಧ್ಯವಾಗಲಿದೆ ಎಂದು ಕರ್ನಾಟಕ ಉಚ್ಚ ನ್ಯಾಯಾಲಯದ ನಿವೃತ್ತ ನ್ಯಾಯಮೂರ್ತಿ ಹಾಗೂ ಕರ್ನಾಟಕ ರಾಜ್ಯ ಮಾನವ ಹಕ್ಕುಗಳ ಆಯೋಗದ ಅಧ್ಯಕ್ಷರಾದ ಕೆ.ಸೋಮಶೇಖರ್ ಅವರು ತಿಳಿಸಿದರು. ಜಿಲ್ಲಾ ಆಡಳಿತ, ಜಿಲ್ಲಾ ಪಂಚಾಯತ್, ಮಹಿಳಾ ಮತ್ತು ಮಕ್ಕಳ ಅಭಿವೃದ್ಧಿ ಇಲಾಖೆ, ಜಿಲ್ಲಾ ಕಾನೂನು ಸೇವೆಗಳ ಪ್ರಾಧಿಕಾರ ಸಹಯೋಗದಲ್ಲಿ ನಗರದಲ್ಲಿ ಆಯೋಜಿಸಲಾಗಿದ್ದ ಬಾಲ್ಯವಿವಾಹ ನಿಷೇಧ ಕುರಿತ ಜಾಗೃತಿ ಕಾರ್ಯಕ್ರಮ ಉದ್ಘಾಟಿಸಿ ಮಾತನಾಡಿದರು. ಬಾಲ್ಯವಿವಾಹ ಒಂದು ಸಾಮಾಜಿಕ ಅನಿಷ್ಟ ಪದ್ಧತಿಯಾಗಿದೆ. ಇದನ್ನು ತಡೆಗಟ್ಟಲು ಎಲ್ಲರೂ ಕೈಜೋಡಿಸಬೇಕು. ಹೆಣ್ಣು ಮಕ್ಕಳಿಗೆ ಶಿಕ್ಷಣ ನೀಡುವುದರಿಂದ ಸಮಾಜದಲ್ಲಿ ಬದಲಾವಣೆ ಸಾಧ್ಯ. ಬಾಲ್ಯವಿವಾಹ ನಿಷೇಧ ಕಾಯ್ದೆ 2006 ರ ಅನ್ವಯ 18 ವರ್ಷದೊಳಗಿನ ಹೆಣ್ಣು ಮಕ್ಕಳು ಹಾಗೂ 21 ವರ್ಷದೊಳಗಿನ ಗಂಡು ಮಕ್ಕಳಿಗೆ ವಿವಾಹ ಮಾಡುವುದು ಅಪರಾಧವಾಗಿದೆ. ಜಿಲ್ಲೆಯಲ್ಲಿ 130 ಗ್ರಾಮ ಪಂಚಾಯಿತಿಗಳಲ್ಲಿ ಬಾಲ್ಯವಿವಾಹ ತಡೆ ಸಮಿತಿಗಳನ್ನು ರಚಿಸಲಾಗಿದೆ. ಸಾರ್ವಜನಿಕರು ಬಾಲ್ಯವಿವಾಹ ನಡೆಯುತ್ತಿರುವ ಬಗ್ಗೆ ಮಾಹಿತಿ ಇದ್ದಲ್ಲಿ ಮಕ್ಕಳ ಸಹಾಯವಾಣಿ 1098 ಗೆ ಕರೆ ಮಾಡಿ ತಿಳಿಸಬೇಕು. ಕಾರ್ಯಕ್ರಮದಲ್ಲಿ ಜಿಲ್ಲಾಧಿಕಾರಿ, ಜಿಲ್ಲಾ ಪಂಚಾಯತ್ ಮುಖ್ಯ ಕಾರ್ಯನಿರ್ವಾಹಕ ಅಧಿಕಾರಿ, ಪೊಲೀಸ್ ವರಿಷ್ಠಾಧಿಕಾರಿ, ಜಿಲ್ಲಾ ಮತ್ತು ಸತ್ರ ನ್ಯಾಯಾಧೀಶರು, ಮಹಿಳಾ ಮತ್ತು ಮಕ್ಕಳ ಅಭಿವೃದ್ಧಿ ಇಲಾಖೆಯ ಉಪನಿರ್ದೇಶಕರು, ಅಂಗನವಾಡಿ ಕಾರ್ಯಕರ್ತೆಯರು ಹಾಗೂ ಇತರರು ಹಾಜರಿದ್ದರು. ಬಾಲ್ಯವಿವಾಹದಿಂದ ಹೆಣ್ಣು ಮಕ್ಕಳ ಆರೋಗ್ಯದ ಮೇಲೆ ದುಷ್ಪರಿಣಾಮ ಉಂಟಾಗುತ್ತದೆ. ಅಪೌಷ್ಟಿಕತೆ, ಶಿಶು ಮರಣ, ತಾಯಿ ಮರಣ ಪ್ರಮಾಣ ಹೆಚ್ಚಾಗುತ್ತದೆ ಎಂದು ತಿಳಿಸಿದರು.
ಅನಧಿಕೃತ ಗೈರು ಹಾಜರಿ: ಅಂತಿಮ ಮರುಕರೆಯ ನೋಟಿಸ್
ಮೈಸೂರು: ಚಾ.ಸಿ.ಸಿ.ಸಿ.ವಿಭಾಗ ಚಾಮರಾಜನಗರ ಘಟಕದಲ್ಲಿ ಚಾಲಕ ಕಂ ನಿರ್ವಾಹಕರಾಗಿ ಕಾರ್ಯನಿರ್ವಹಿಸುತ್ತಿರುವ ಪ್ರದೀಪ ಕುಮಾರ ಅವರು ದಿನಾಂಕ 01.2024 ರಿಂದ ಇಲ್ಲಿಯವರೆಗೆ ಕರ್ತವ್ಯಕ್ಕೆ ಅನಧಿಕೃತ ಗೈರು ಹಾಜರಾಗಿದ್ದು, ಈ ಬಗ್ಗೆ ಸಂಸ್ಥೆಯಿಂದ ನೀಡಿದ ನೋಟಿಸ್ ಗೆ ಯಾವುದೇ ಉತ್ತರ ನೀಡಿರುವುದಿಲ್ಲ. ನಿಮ್ಮ ಅನಧಿಕೃತ ಗೈರು ಹಾಜರಾತಿಯು ಅಶಿಸ್ತಿನ ವರ್ತನೆಯಾಗಿದ್ದು, ಈ ನೋಟಿಸ್ ಪ್ರಕಟವಾದ 15 ದಿನದೊಳಗೆ ಕರ್ತವ್ಯಕ್ಕೆ ಹಾಜರಾಗಿ ಸಮಜಾಯಿಷಿ ನೀಡಬೇಕು. ತಪ್ಪಿದಲ್ಲಿ ನಿಮ್ಮ ವಿರುದ್ಧ ಶಿಸ್ತು ಕ್ರಮ ಕೈಗೊಳ್ಳಲಾಗುವುದು. 23.2024 ರಲ್ಲಿ ಕೆಲಸಕ್ಕೆ ಹಾಜರಾಗುವ ಸೂಚನೆ ನೀಡಲಾಗಿದ್ದರೂ ಯಾವುದೇ ಪ್ರತಿಕ್ರಿಯೆ ನೀಡಿರುವುದಿಲ್ಲ. ಸಂಸ್ಥೆಯ ನಿಯಮಾವಳಿಗಳ ಪ್ರಕಾರ ಮುಂದಿನ ಕ್ರಮ ಕೈಗೊಳ್ಳಲಾಗುವುದು. ನಿಮ್ಮ ವಿಳಾಸ: ಶ್ರೀ ಮಹದೇವ, ಕೊಳ್ಳೇಗಾಲ ತಾಲ್ಲೂಕು ಹಾಗೂ ಗುಂಡ್ಲುಪೇಟೆ ಘಟಕ. ಈ ಬಗ್ಗೆ ವಿಭಾಗೀಯ ನಿಯಂತ್ರಣಾಧಿಕಾರಿಗಳು ಪ್ರಕಟಣೆಯಲ್ಲಿ ತಿಳಿಸಿದ್ದಾರೆ. ನೌಕರರ ಕರ್ತವ್ಯ ಪಾಲನೆ ಕುರಿತು ಸಾರಿಗೆ ಸಂಸ್ಥೆ ಕಟ್ಟುನಿಟ್ಟಿನ ಕ್ರಮ ಕೈಗೊಂಡಿದ್ದು, ಅನಧಿಕೃತವಾಗಿ ಗೈರು ಹಾಜರಾದವರ ವಿರುದ್ಧ ಸೇವೆಯಿಂದ ವಜಾಗೊಳಿಸುವ ಕ್ರಮ ಕೈಗೊಳ್ಳಲಾಗುವುದು ಎಂದು ತಿಳಿಸಲಾಗಿದೆ.
